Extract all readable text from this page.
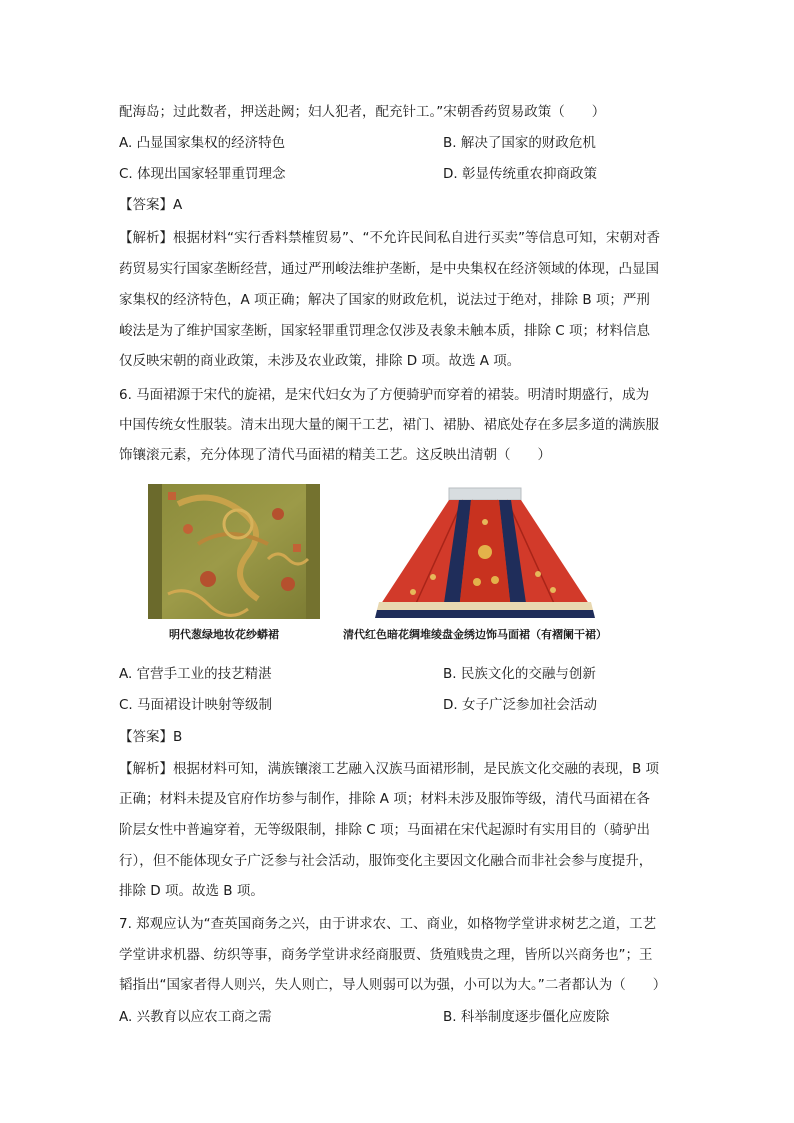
配海岛；过此数者，押送赴阙；妇人犯者，配充针工。”宋朝香药贸易政策（　　）
A. 凸显国家集权的经济特色	B. 解决了国家的财政危机
C. 体现出国家轻罪重罚理念	D. 彰显传统重农抑商政策
【答案】A
【解析】根据材料“实行香料禁榷贸易”、“不允许民间私自进行买卖”等信息可知，宋朝对香
药贸易实行国家垄断经营，通过严刑峻法维护垄断，是中央集权在经济领域的体现，凸显国
家集权的经济特色，A 项正确；解决了国家的财政危机，说法过于绝对，排除 B 项；严刑
峻法是为了维护国家垄断，国家轻罪重罚理念仅涉及表象未触本质，排除 C 项；材料信息
仅反映宋朝的商业政策，未涉及农业政策，排除 D 项。故选 A 项。
6. 马面裙源于宋代的旋裙，是宋代妇女为了方便骑驴而穿着的裙装。明清时期盛行，成为
中国传统女性服装。清末出现大量的阑干工艺，裙门、裙胁、裙底处存在多层多道的满族服
饰镶滚元素，充分体现了清代马面裙的精美工艺。这反映出清朝（　　）
明代葱绿地妆花纱蟒裙	清代红色暗花绸堆绫盘金绣边饰马面裙（有褶阑干裙）
A. 官营手工业的技艺精湛	B. 民族文化的交融与创新
C. 马面裙设计映射等级制	D. 女子广泛参加社会活动
【答案】B
【解析】根据材料可知，满族镶滚工艺融入汉族马面裙形制，是民族文化交融的表现，B 项
正确；材料未提及官府作坊参与制作，排除 A 项；材料未涉及服饰等级，清代马面裙在各
阶层女性中普遍穿着，无等级限制，排除 C 项；马面裙在宋代起源时有实用目的（骑驴出
行），但不能体现女子广泛参与社会活动，服饰变化主要因文化融合而非社会参与度提升，
排除 D 项。故选 B 项。
7. 郑观应认为“查英国商务之兴，由于讲求农、工、商业，如格物学堂讲求树艺之道，工艺
学堂讲求机器、纺织等事，商务学堂讲求经商服贾、货殖贱贵之理，皆所以兴商务也”；王
韬指出“国家者得人则兴，失人则亡，导人则弱可以为强，小可以为大。”二者都认为（　　）
A. 兴教育以应农工商之需	B. 科举制度逐步僵化应废除
